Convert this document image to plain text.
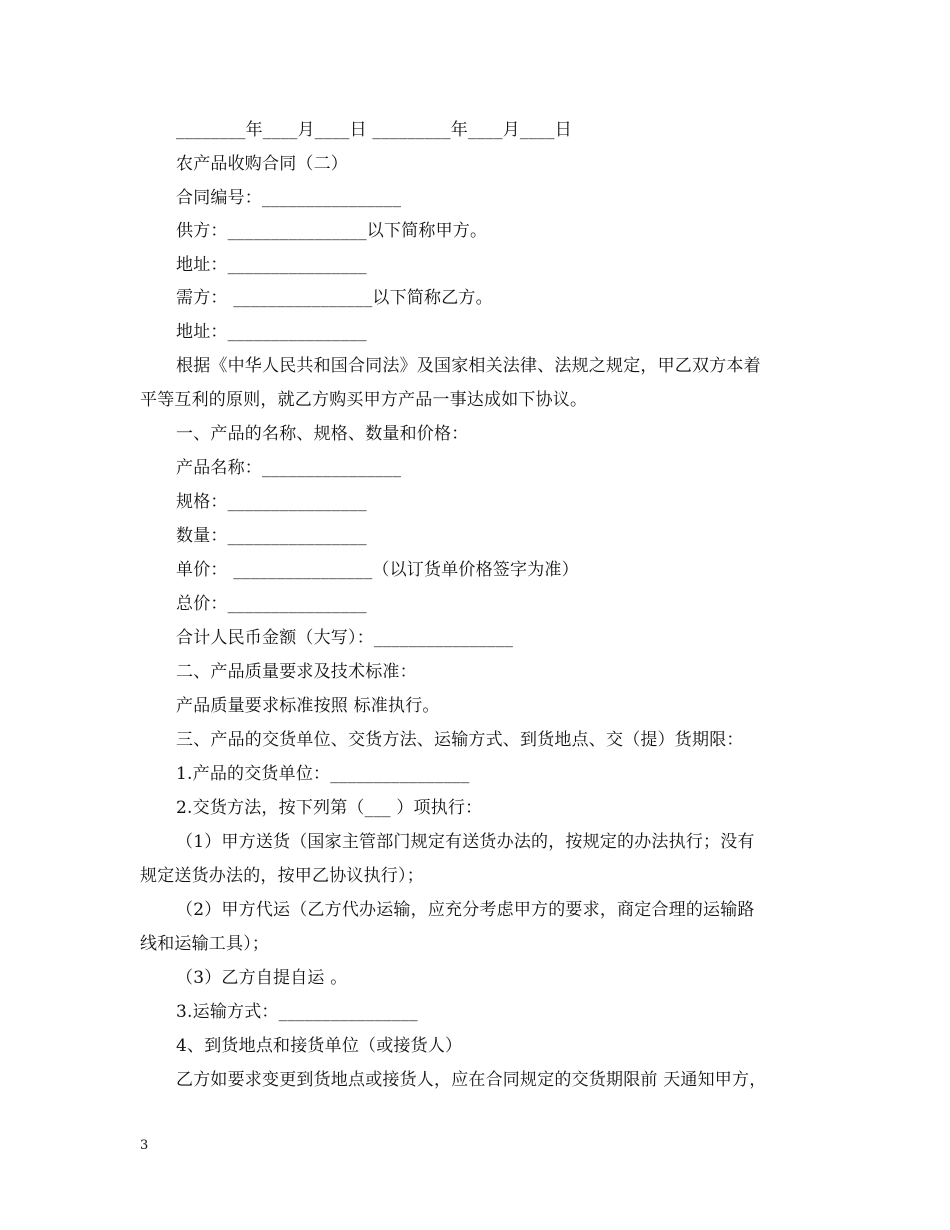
________年____月____日 _________年____月____日
农产品收购合同（二）
合同编号：________________
供方：________________以下简称甲方。
地址：________________
需方： ________________以下简称乙方。
地址：________________
根据《中华人民共和国合同法》及国家相关法律、法规之规定，甲乙双方本着
平等互利的原则，就乙方购买甲方产品一事达成如下协议。
一、产品的名称、规格、数量和价格：
产品名称：________________
规格：________________
数量：________________
单价： ________________（以订货单价格签字为准）
总价：________________
合计人民币金额（大写）：________________
二、产品质量要求及技术标准：
产品质量要求标准按照 标准执行。
三、产品的交货单位、交货方法、运输方式、到货地点、交（提）货期限：
1.产品的交货单位：________________
2.交货方法，按下列第（___ ）项执行：
（1）甲方送货（国家主管部门规定有送货办法的，按规定的办法执行；没有
规定送货办法的，按甲乙协议执行）；
（2）甲方代运（乙方代办运输，应充分考虑甲方的要求，商定合理的运输路
线和运输工具）；
（3）乙方自提自运 。
3.运输方式：________________
4、到货地点和接货单位（或接货人）
乙方如要求变更到货地点或接货人，应在合同规定的交货期限前 天通知甲方，
3
